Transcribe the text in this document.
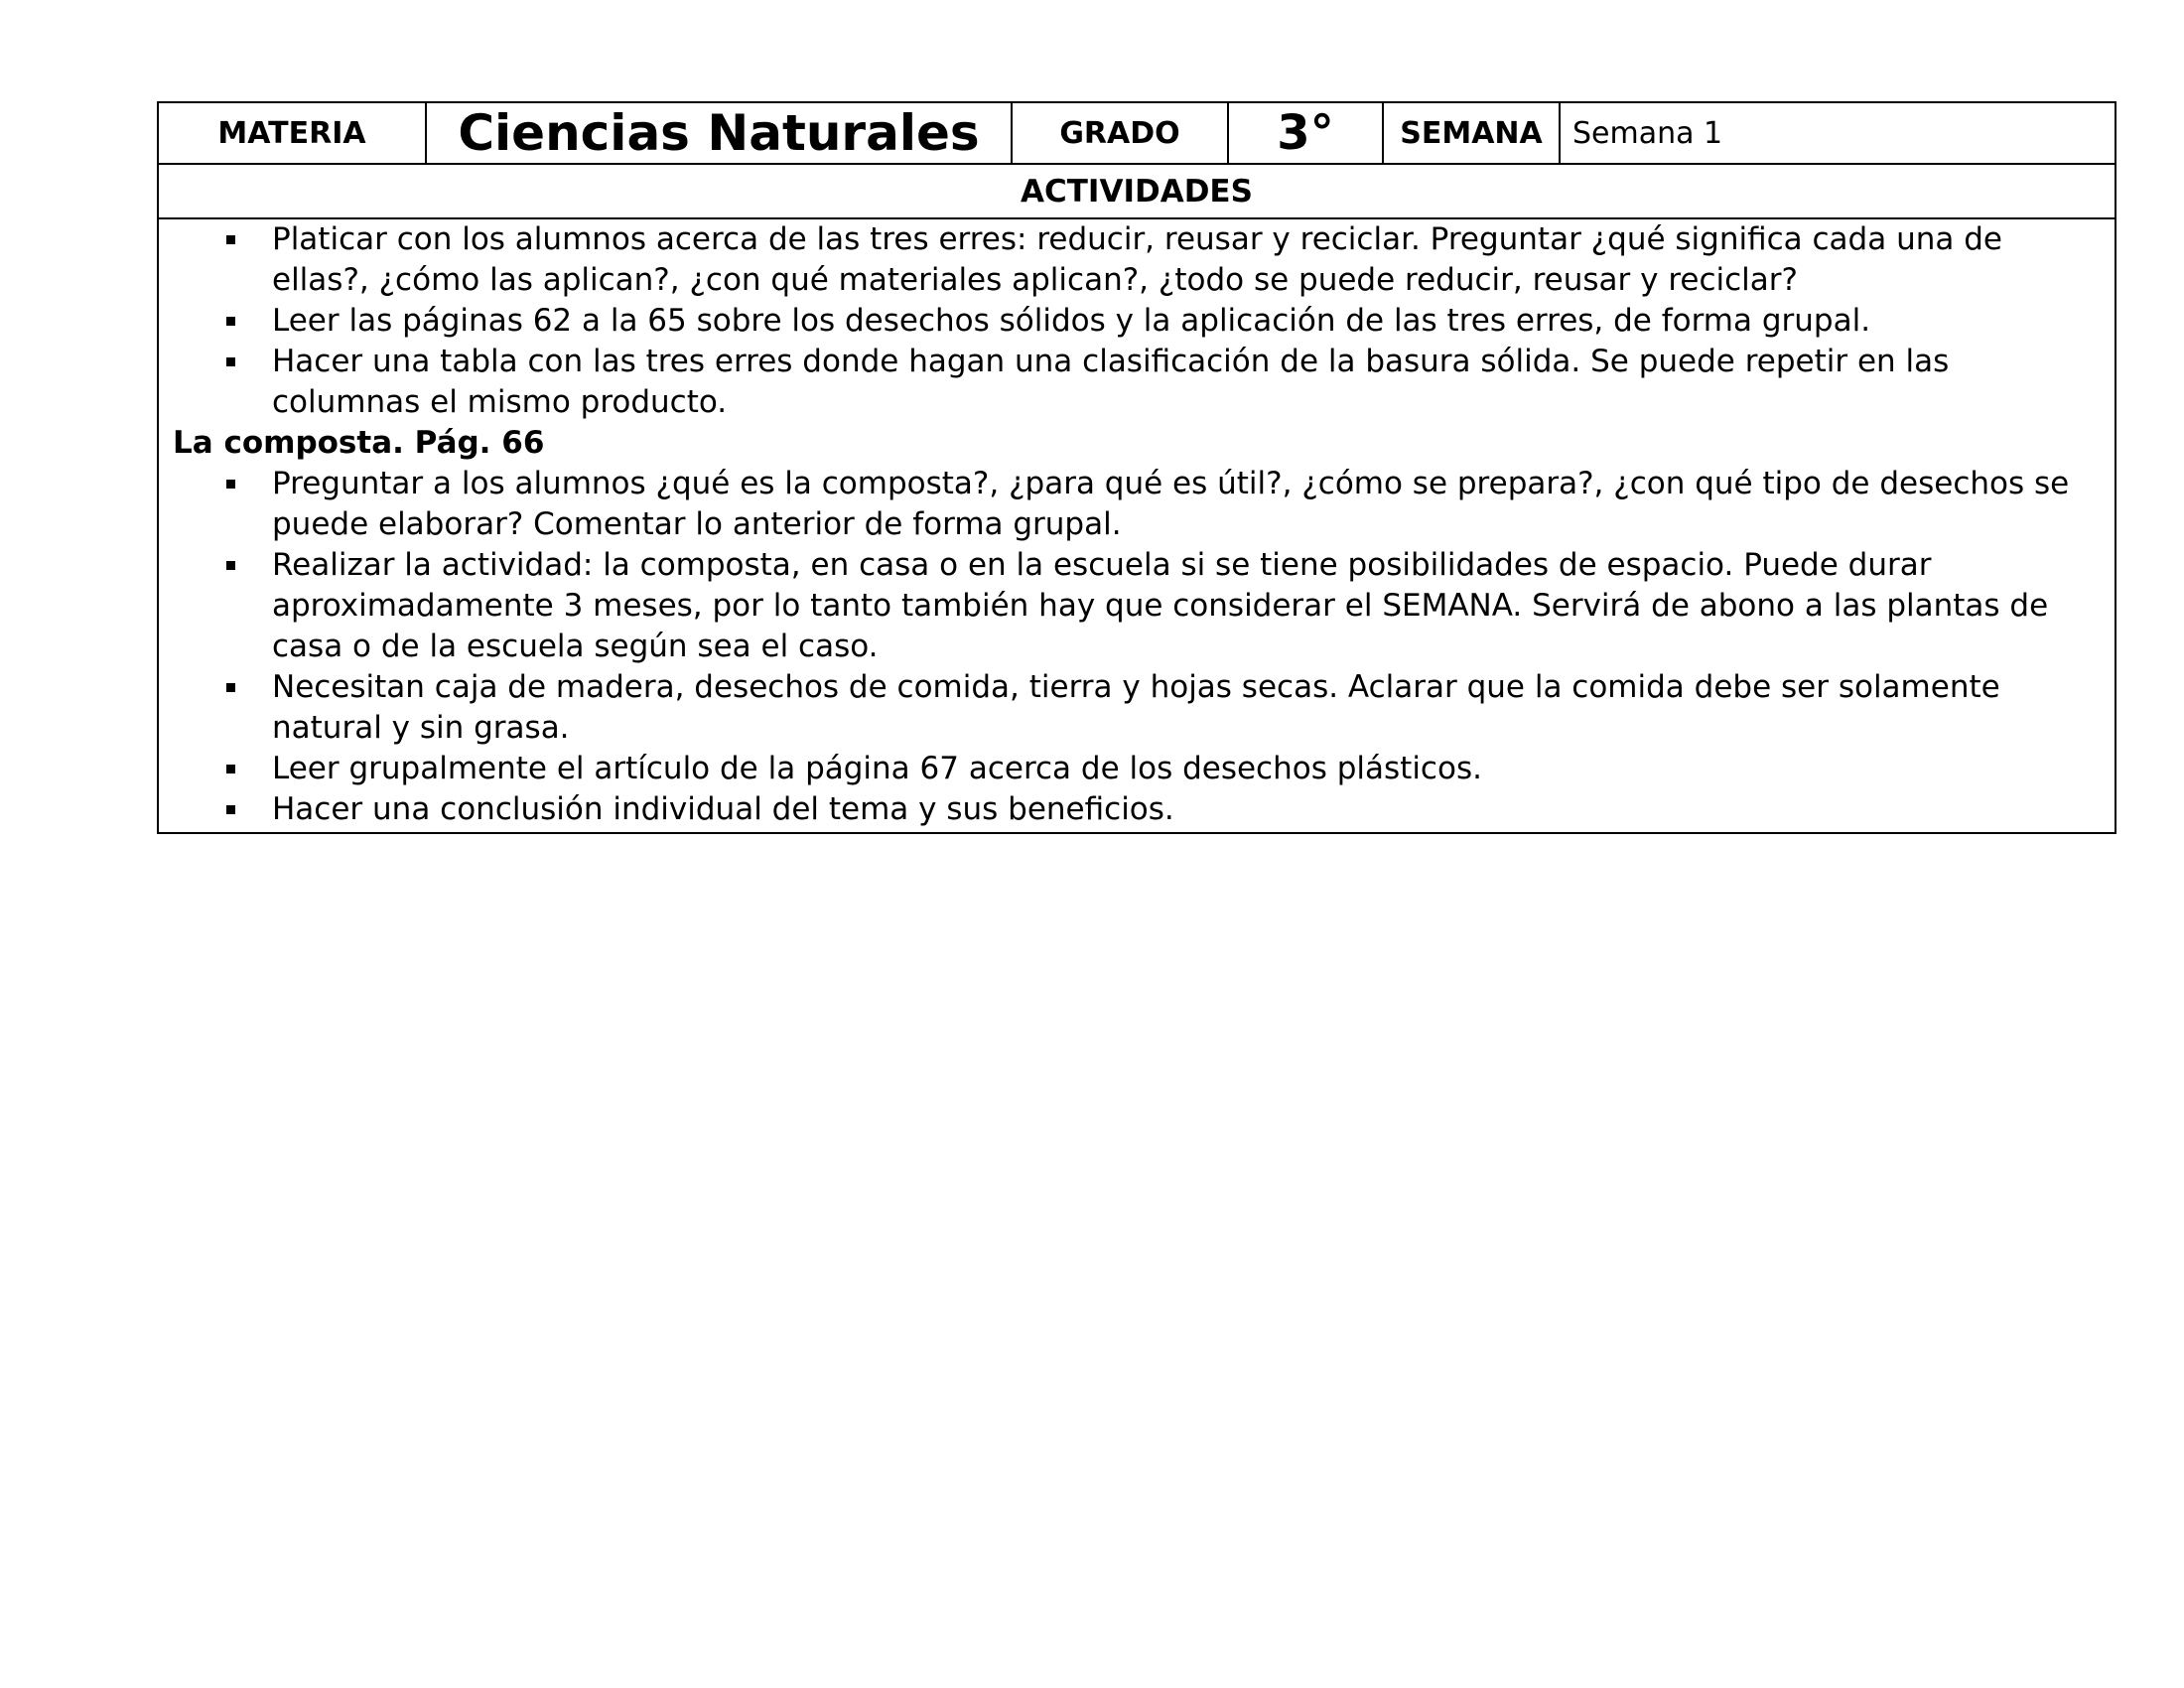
MATERIA	Ciencias Naturales	GRADO	3°	SEMANA	Semana 1
ACTIVIDADES

Platicar con los alumnos acerca de las tres erres: reducir, reusar y reciclar. Preguntar ¿qué significa cada una de ellas?, ¿cómo las aplican?, ¿con qué materiales aplican?, ¿todo se puede reducir, reusar y reciclar?
Leer las páginas 62 a la 65 sobre los desechos sólidos y la aplicación de las tres erres, de forma grupal.
Hacer una tabla con las tres erres donde hagan una clasificación de la basura sólida. Se puede repetir en las columnas el mismo producto.
La composta. Pág. 66
Preguntar a los alumnos ¿qué es la composta?, ¿para qué es útil?, ¿cómo se prepara?, ¿con qué tipo de desechos se puede elaborar? Comentar lo anterior de forma grupal.
Realizar la actividad: la composta, en casa o en la escuela si se tiene posibilidades de espacio. Puede durar aproximadamente 3 meses, por lo tanto también hay que considerar el SEMANA. Servirá de abono a las plantas de casa o de la escuela según sea el caso.
Necesitan caja de madera, desechos de comida, tierra y hojas secas. Aclarar que la comida debe ser solamente natural y sin grasa.
Leer grupalmente el artículo de la página 67 acerca de los desechos plásticos.
Hacer una conclusión individual del tema y sus beneficios.
